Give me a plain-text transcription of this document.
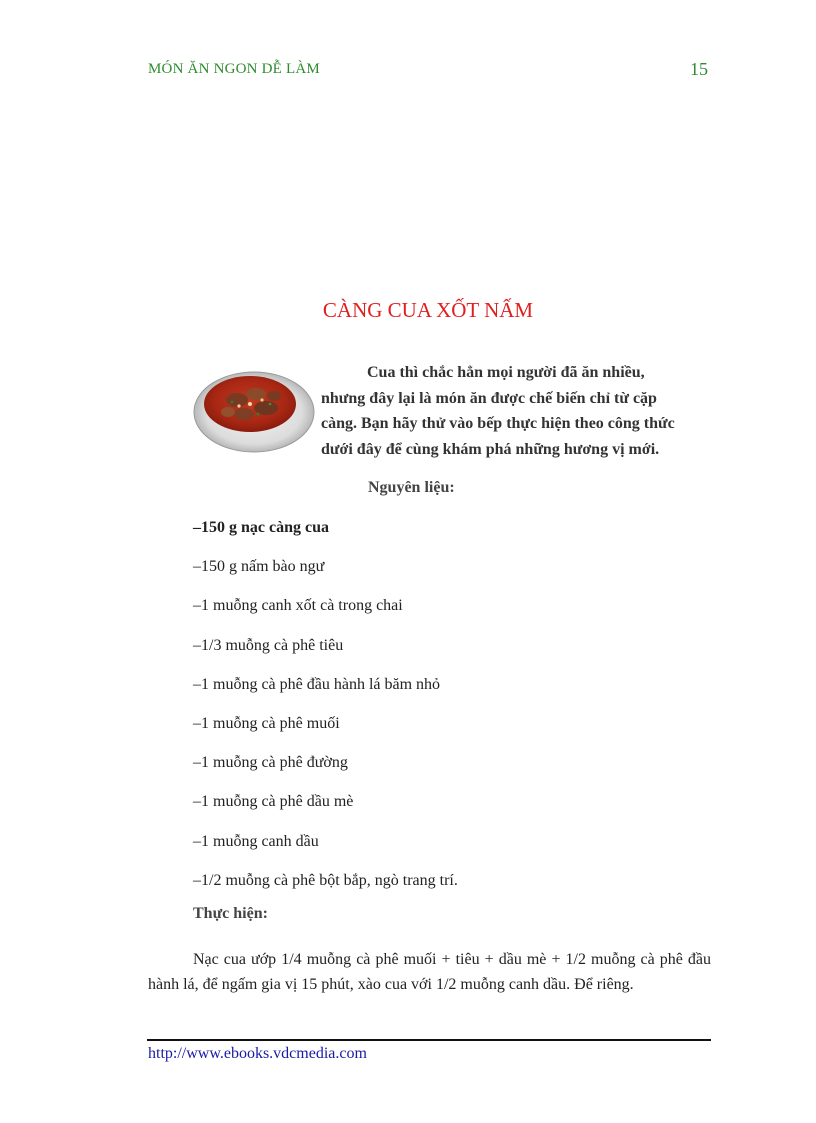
MÓN ĂN NGON DỄ LÀM	15
CÀNG CUA XỐT NẤM
Cua thì chắc hẳn mọi người đã ăn nhiều,
nhưng đây lại là món ăn được chế biến chỉ từ cặp
càng. Bạn hãy thử vào bếp thực hiện theo công thức
dưới đây để cùng khám phá những hương vị mới.
Nguyên liệu:
–150 g nạc càng cua
–150 g nấm bào ngư
–1 muỗng canh xốt cà trong chai
–1/3 muỗng cà phê tiêu
–1 muỗng cà phê đầu hành lá băm nhỏ
–1 muỗng cà phê muối
–1 muỗng cà phê đường
–1 muỗng cà phê dầu mè
–1 muỗng canh dầu
–1/2 muỗng cà phê bột bắp, ngò trang trí.
Thực hiện:

Nạc cua ướp 1/4 muỗng cà phê muối + tiêu + dầu mè + 1/2 muỗng cà phê đầu hành lá, để ngấm gia vị 15 phút, xào cua với 1/2 muỗng canh dầu. Để riêng.

http://www.ebooks.vdcmedia.com
